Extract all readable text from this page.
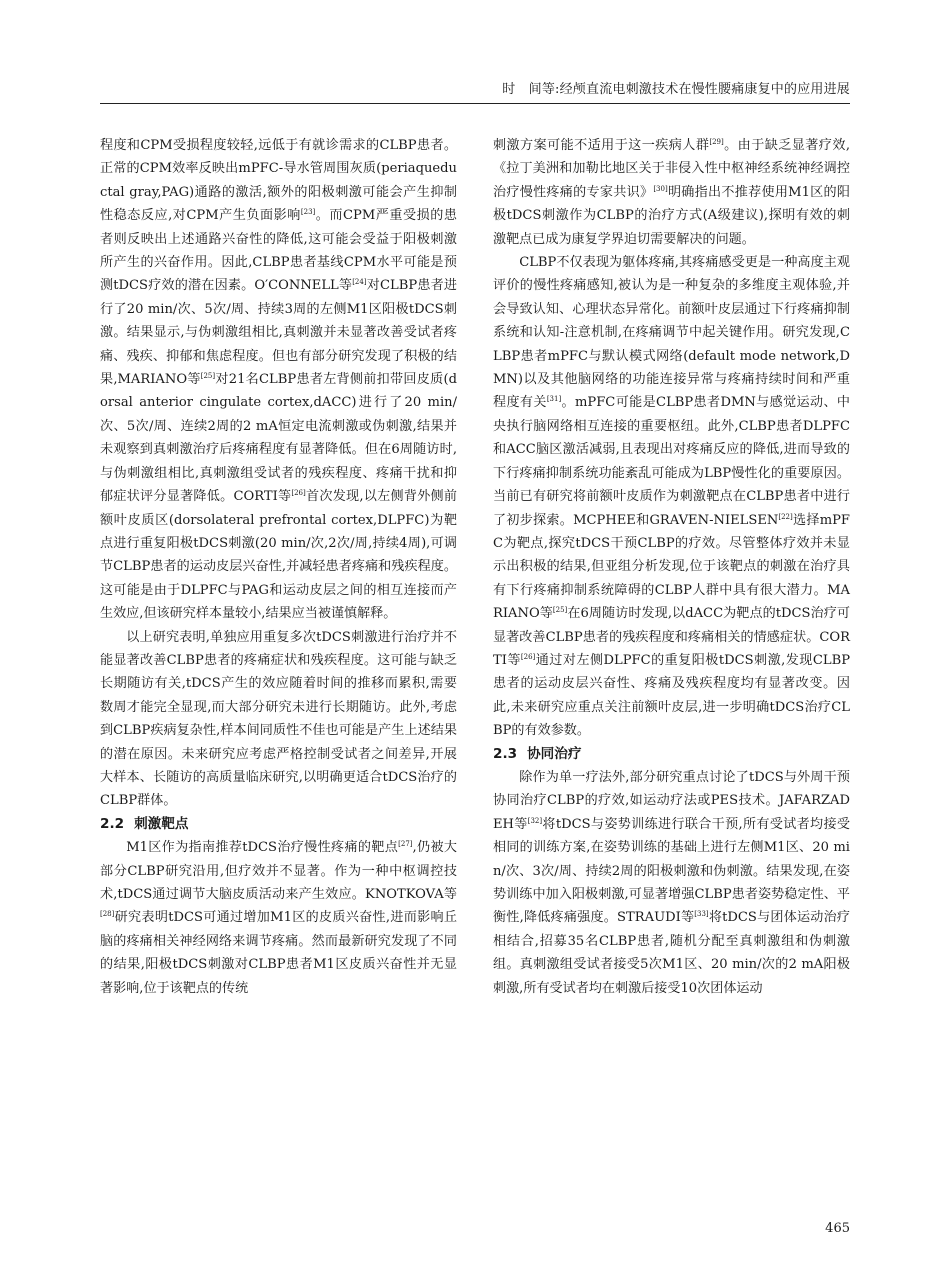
时　间等:经颅直流电刺激技术在慢性腰痛康复中的应用进展

程度和CPM受损程度较轻,远低于有就诊需求的CLBP患者。正常的CPM效率反映出mPFC-导水管周围灰质(periaqueductal gray,PAG)通路的激活,额外的阳极刺激可能会产生抑制性稳态反应,对CPM产生负面影响[23]。而CPM严重受损的患者则反映出上述通路兴奋性的降低,这可能会受益于阳极刺激所产生的兴奋作用。因此,CLBP患者基线CPM水平可能是预测tDCS疗效的潜在因素。O′CONNELL等[24]对CLBP患者进行了20 min/次、5次/周、持续3周的左侧M1区阳极tDCS刺激。结果显示,与伪刺激组相比,真刺激并未显著改善受试者疼痛、残疾、抑郁和焦虑程度。但也有部分研究发现了积极的结果,MARIANO等[25]对21名CLBP患者左背侧前扣带回皮质(dorsal anterior cingulate cortex,dACC)进行了20 min/次、5次/周、连续2周的2 mA恒定电流刺激或伪刺激,结果并未观察到真刺激治疗后疼痛程度有显著降低。但在6周随访时,与伪刺激组相比,真刺激组受试者的残疾程度、疼痛干扰和抑郁症状评分显著降低。CORTI等[26]首次发现,以左侧背外侧前额叶皮质区(dorsolateral prefrontal cortex,DLPFC)为靶点进行重复阳极tDCS刺激(20 min/次,2次/周,持续4周),可调节CLBP患者的运动皮层兴奋性,并减轻患者疼痛和残疾程度。这可能是由于DLPFC与PAG和运动皮层之间的相互连接而产生效应,但该研究样本量较小,结果应当被谨慎解释。

以上研究表明,单独应用重复多次tDCS刺激进行治疗并不能显著改善CLBP患者的疼痛症状和残疾程度。这可能与缺乏长期随访有关,tDCS产生的效应随着时间的推移而累积,需要数周才能完全显现,而大部分研究未进行长期随访。此外,考虑到CLBP疾病复杂性,样本间同质性不佳也可能是产生上述结果的潜在原因。未来研究应考虑严格控制受试者之间差异,开展大样本、长随访的高质量临床研究,以明确更适合tDCS治疗的CLBP群体。

2.2 刺激靶点

M1区作为指南推荐tDCS治疗慢性疼痛的靶点[27],仍被大部分CLBP研究沿用,但疗效并不显著。作为一种中枢调控技术,tDCS通过调节大脑皮质活动来产生效应。KNOTKOVA等[28]研究表明tDCS可通过增加M1区的皮质兴奋性,进而影响丘脑的疼痛相关神经网络来调节疼痛。然而最新研究发现了不同的结果,阳极tDCS刺激对CLBP患者M1区皮质兴奋性并无显著影响,位于该靶点的传统

刺激方案可能不适用于这一疾病人群[29]。由于缺乏显著疗效,《拉丁美洲和加勒比地区关于非侵入性中枢神经系统神经调控治疗慢性疼痛的专家共识》[30]明确指出不推荐使用M1区的阳极tDCS刺激作为CLBP的治疗方式(A级建议),探明有效的刺激靶点已成为康复学界迫切需要解决的问题。

CLBP不仅表现为躯体疼痛,其疼痛感受更是一种高度主观评价的慢性疼痛感知,被认为是一种复杂的多维度主观体验,并会导致认知、心理状态异常化。前额叶皮层通过下行疼痛抑制系统和认知-注意机制,在疼痛调节中起关键作用。研究发现,CLBP患者mPFC与默认模式网络(default mode network,DMN)以及其他脑网络的功能连接异常与疼痛持续时间和严重程度有关[31]。mPFC可能是CLBP患者DMN与感觉运动、中央执行脑网络相互连接的重要枢纽。此外,CLBP患者DLPFC和ACC脑区激活减弱,且表现出对疼痛反应的降低,进而导致的下行疼痛抑制系统功能紊乱可能成为LBP慢性化的重要原因。当前已有研究将前额叶皮质作为刺激靶点在CLBP患者中进行了初步探索。MCPHEE和GRAVEN-NIELSEN[22]选择mPFC为靶点,探究tDCS干预CLBP的疗效。尽管整体疗效并未显示出积极的结果,但亚组分析发现,位于该靶点的刺激在治疗具有下行疼痛抑制系统障碍的CLBP人群中具有很大潜力。MARIANO等[25]在6周随访时发现,以dACC为靶点的tDCS治疗可显著改善CLBP患者的残疾程度和疼痛相关的情感症状。CORTI等[26]通过对左侧DLPFC的重复阳极tDCS刺激,发现CLBP患者的运动皮层兴奋性、疼痛及残疾程度均有显著改变。因此,未来研究应重点关注前额叶皮层,进一步明确tDCS治疗CLBP的有效参数。

2.3 协同治疗

除作为单一疗法外,部分研究重点讨论了tDCS与外周干预协同治疗CLBP的疗效,如运动疗法或PES技术。JAFARZADEH等[32]将tDCS与姿势训练进行联合干预,所有受试者均接受相同的训练方案,在姿势训练的基础上进行左侧M1区、20 min/次、3次/周、持续2周的阳极刺激和伪刺激。结果发现,在姿势训练中加入阳极刺激,可显著增强CLBP患者姿势稳定性、平衡性,降低疼痛强度。STRAUDI等[33]将tDCS与团体运动治疗相结合,招募35名CLBP患者,随机分配至真刺激组和伪刺激组。真刺激组受试者接受5次M1区、20 min/次的2 mA阳极刺激,所有受试者均在刺激后接受10次团体运动

465
